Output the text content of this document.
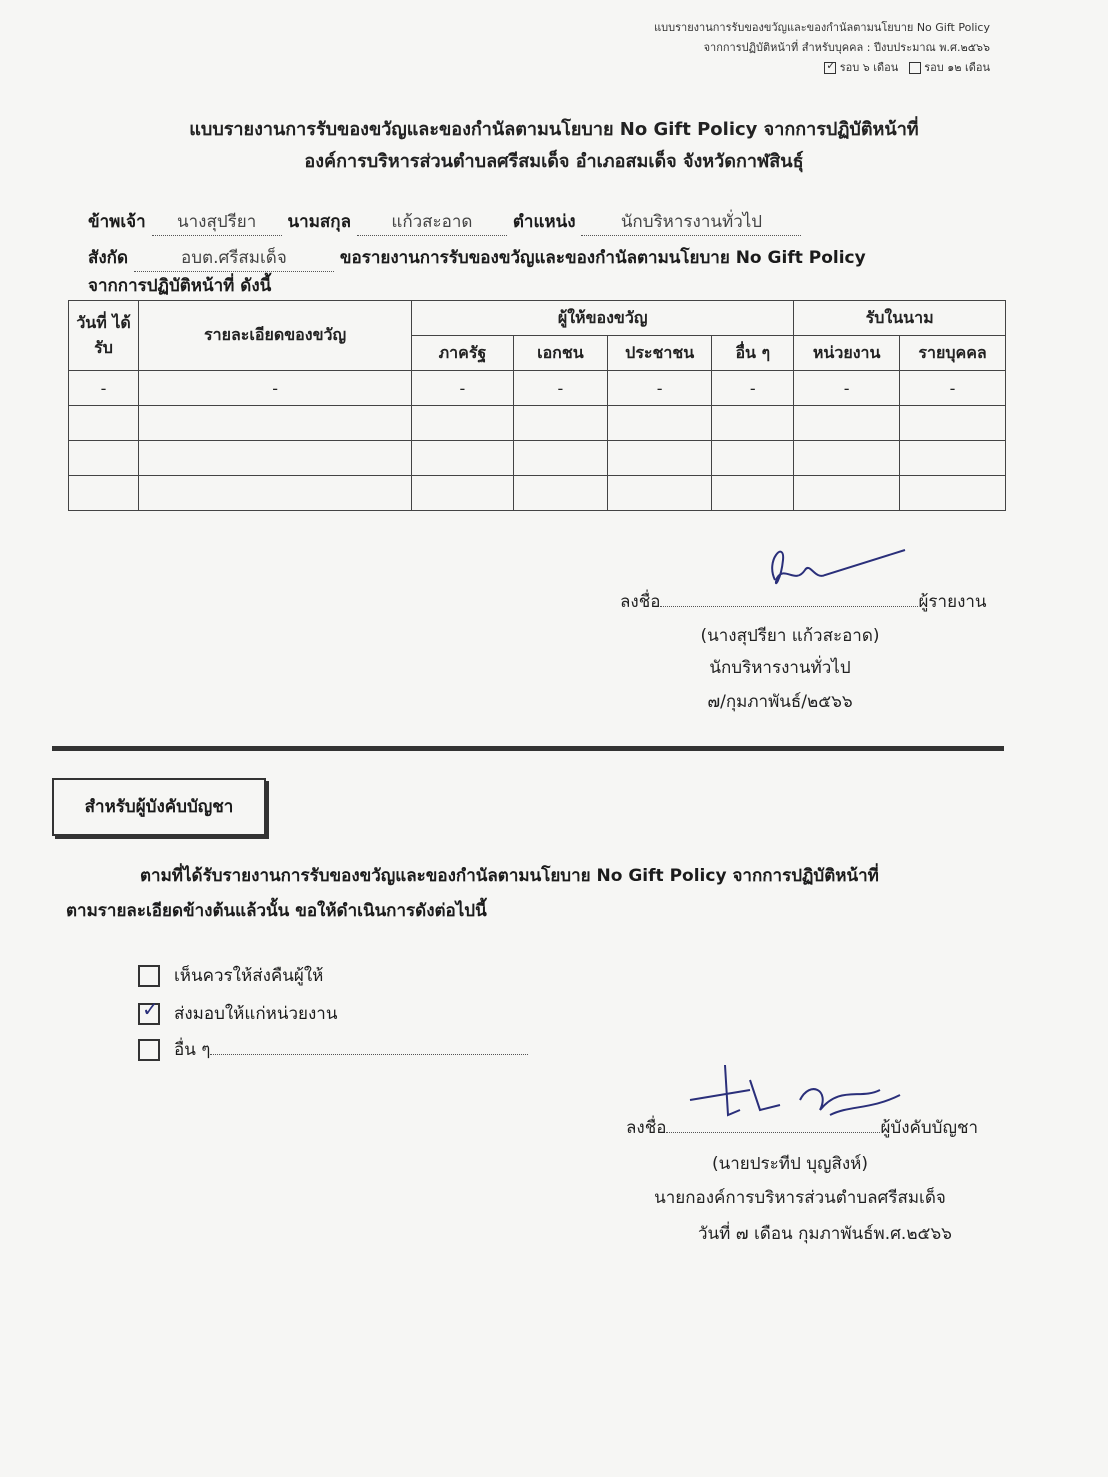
แบบรายงานการรับของขวัญและของกำนัลตามนโยบาย No Gift Policy
จากการปฏิบัติหน้าที่ สำหรับบุคคล : ปีงบประมาณ พ.ศ.๒๕๖๖
✓ รอบ ๖ เดือน รอบ ๑๒ เดือน
แบบรายงานการรับของขวัญและของกำนัลตามนโยบาย No Gift Policy จากการปฏิบัติหน้าที่
องค์การบริหารส่วนตำบลศรีสมเด็จ อำเภอสมเด็จ จังหวัดกาฬสินธุ์
ข้าพเจ้า นางสุปรียา นามสกุล แก้วสะอาด ตำแหน่ง	นักบริหารงานทั่วไป
สังกัด	อบต.ศรีสมเด็จ	ขอรายงานการรับของขวัญและของกำนัลตามนโยบาย No Gift Policy
จากการปฏิบัติหน้าที่ ดังนี้
วันที่ ได้รับ	รายละเอียดของขวัญ	ผู้ให้ของขวัญ				รับในนาม	
		ภาครัฐ	เอกชน	ประชาชน	อื่น ๆ	หน่วยงาน	รายบุคคล
-	-	-	-	-	-	-	-

ลงชื่อ	ผู้รายงาน
(นางสุปรียา แก้วสะอาด)
นักบริหารงานทั่วไป
๗/กุมภาพันธ์/๒๕๖๖
สำหรับผู้บังคับบัญชา
ตามที่ได้รับรายงานการรับของขวัญและของกำนัลตามนโยบาย No Gift Policy จากการปฏิบัติหน้าที่
ตามรายละเอียดข้างต้นแล้วนั้น ขอให้ดำเนินการดังต่อไปนี้
เห็นควรให้ส่งคืนผู้ให้
✓ ส่งมอบให้แก่หน่วยงาน
อื่น ๆ
ลงชื่อ	ผู้บังคับบัญชา
(นายประทีป บุญสิงห์)
นายกองค์การบริหารส่วนตำบลศรีสมเด็จ
วันที่ ๗ เดือน กุมภาพันธ์พ.ศ.๒๕๖๖
